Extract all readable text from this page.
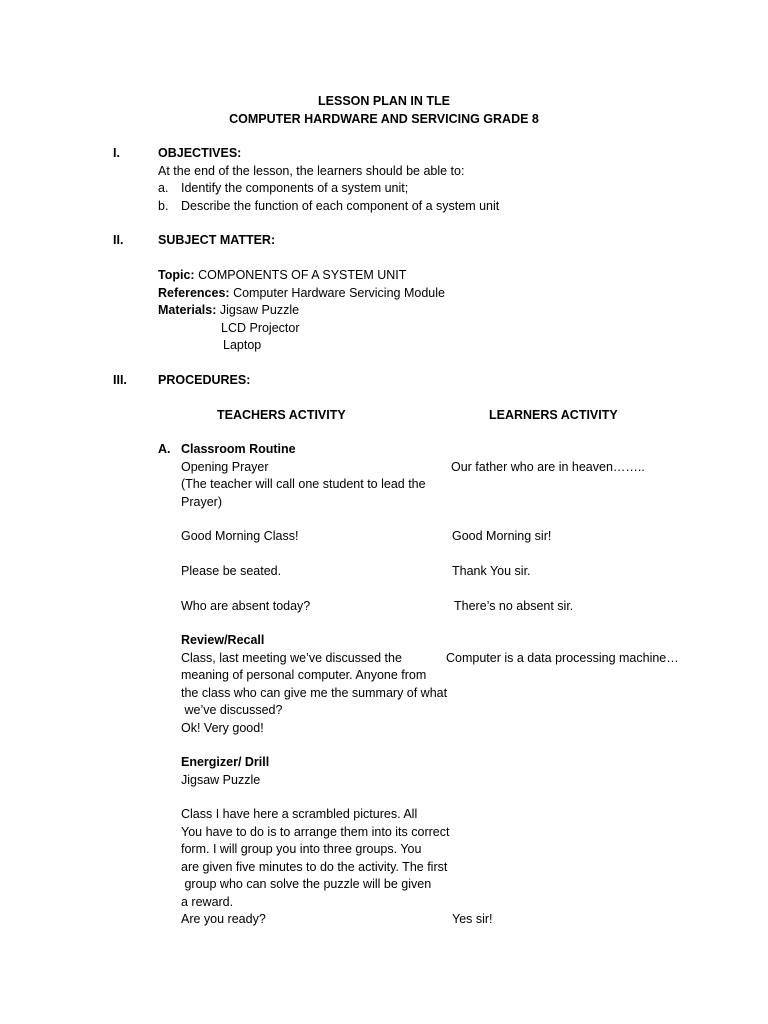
LESSON PLAN IN TLE
COMPUTER HARDWARE AND SERVICING GRADE 8
I.	OBJECTIVES:
At the end of the lesson, the learners should be able to:
a. Identify the components of a system unit;
b. Describe the function of each component of a system unit
II.	SUBJECT MATTER:
Topic: COMPONENTS OF A SYSTEM UNIT
References: Computer Hardware Servicing Module
Materials: Jigsaw Puzzle
LCD Projector
Laptop
III. PROCEDURES:
TEACHERS ACTIVITY	LEARNERS ACTIVITY
A. Classroom Routine
Opening Prayer	Our father who are in heaven……..
(The teacher will call one student to lead the
Prayer)
Good Morning Class!	Good Morning sir!
Please be seated.	Thank You sir.
Who are absent today?	There’s no absent sir.
Review/Recall
Class, last meeting we’ve discussed the	Computer is a data processing machine…
meaning of personal computer. Anyone from
the class who can give me the summary of what
we’ve discussed?
Ok! Very good!
Energizer/ Drill
Jigsaw Puzzle
Class I have here a scrambled pictures. All
You have to do is to arrange them into its correct
form. I will group you into three groups. You
are given five minutes to do the activity. The first
group who can solve the puzzle will be given
a reward.
Are you ready?	Yes sir!
